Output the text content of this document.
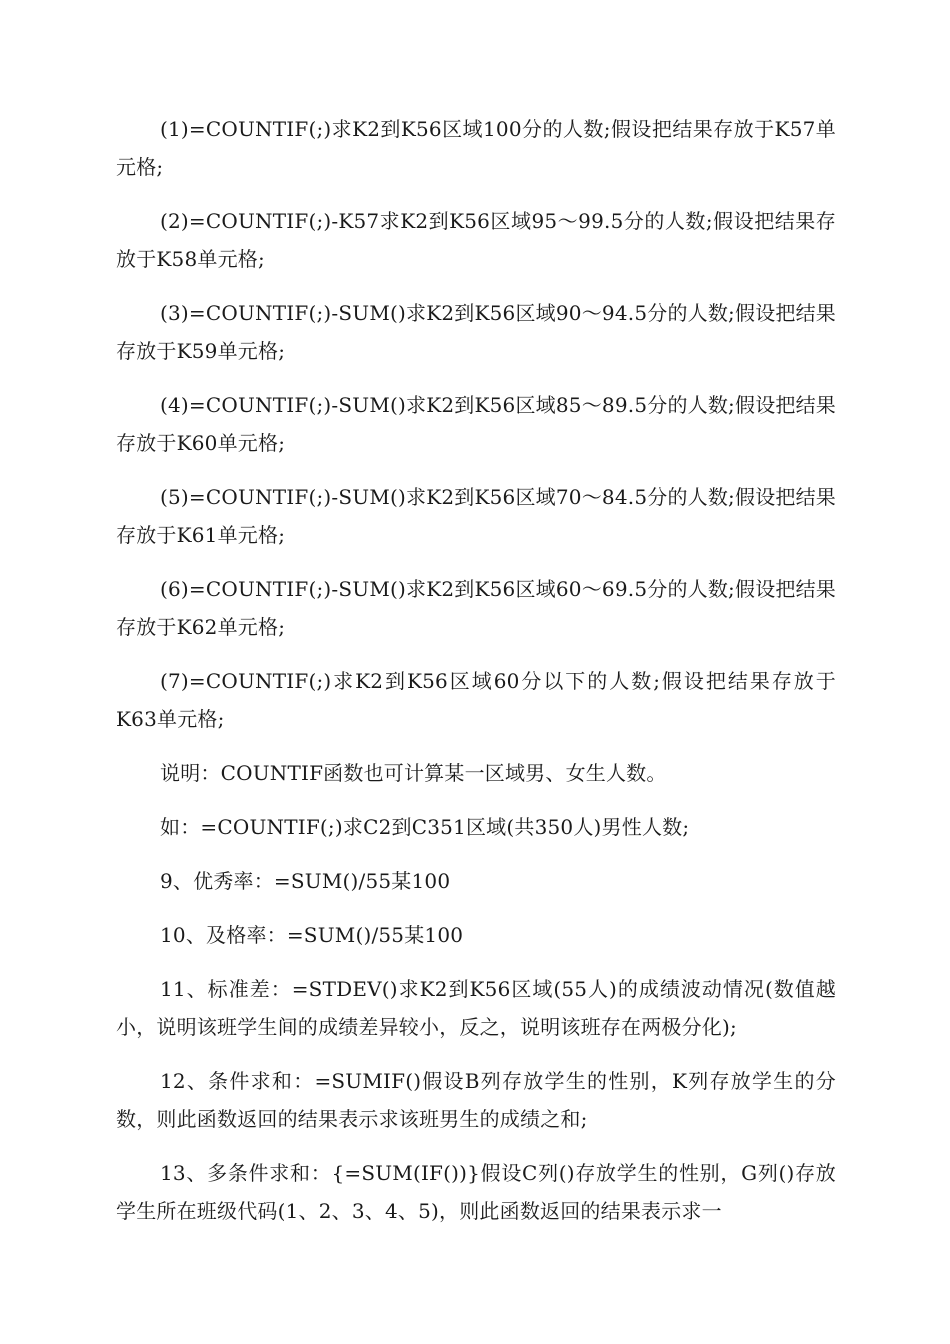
(1)=COUNTIF(;)求K2到K56区域100分的人数;假设把结果存放于K57单元格;

(2)=COUNTIF(;)-K57求K2到K56区域95～99.5分的人数;假设把结果存放于K58单元格;

(3)=COUNTIF(;)-SUM()求K2到K56区域90～94.5分的人数;假设把结果存放于K59单元格;

(4)=COUNTIF(;)-SUM()求K2到K56区域85～89.5分的人数;假设把结果存放于K60单元格;

(5)=COUNTIF(;)-SUM()求K2到K56区域70～84.5分的人数;假设把结果存放于K61单元格;

(6)=COUNTIF(;)-SUM()求K2到K56区域60～69.5分的人数;假设把结果存放于K62单元格;

(7)=COUNTIF(;)求K2到K56区域60分以下的人数;假设把结果存放于K63单元格;

说明：COUNTIF函数也可计算某一区域男、女生人数。

如：=COUNTIF(;)求C2到C351区域(共350人)男性人数;

9、优秀率：=SUM()/55某100

10、及格率：=SUM()/55某100

11、标准差：=STDEV()求K2到K56区域(55人)的成绩波动情况(数值越小，说明该班学生间的成绩差异较小，反之，说明该班存在两极分化);

12、条件求和：=SUMIF()假设B列存放学生的性别，K列存放学生的分数，则此函数返回的结果表示求该班男生的成绩之和;

13、多条件求和：{=SUM(IF())}假设C列()存放学生的性别，G列()存放学生所在班级代码(1、2、3、4、5)，则此函数返回的结果表示求一
